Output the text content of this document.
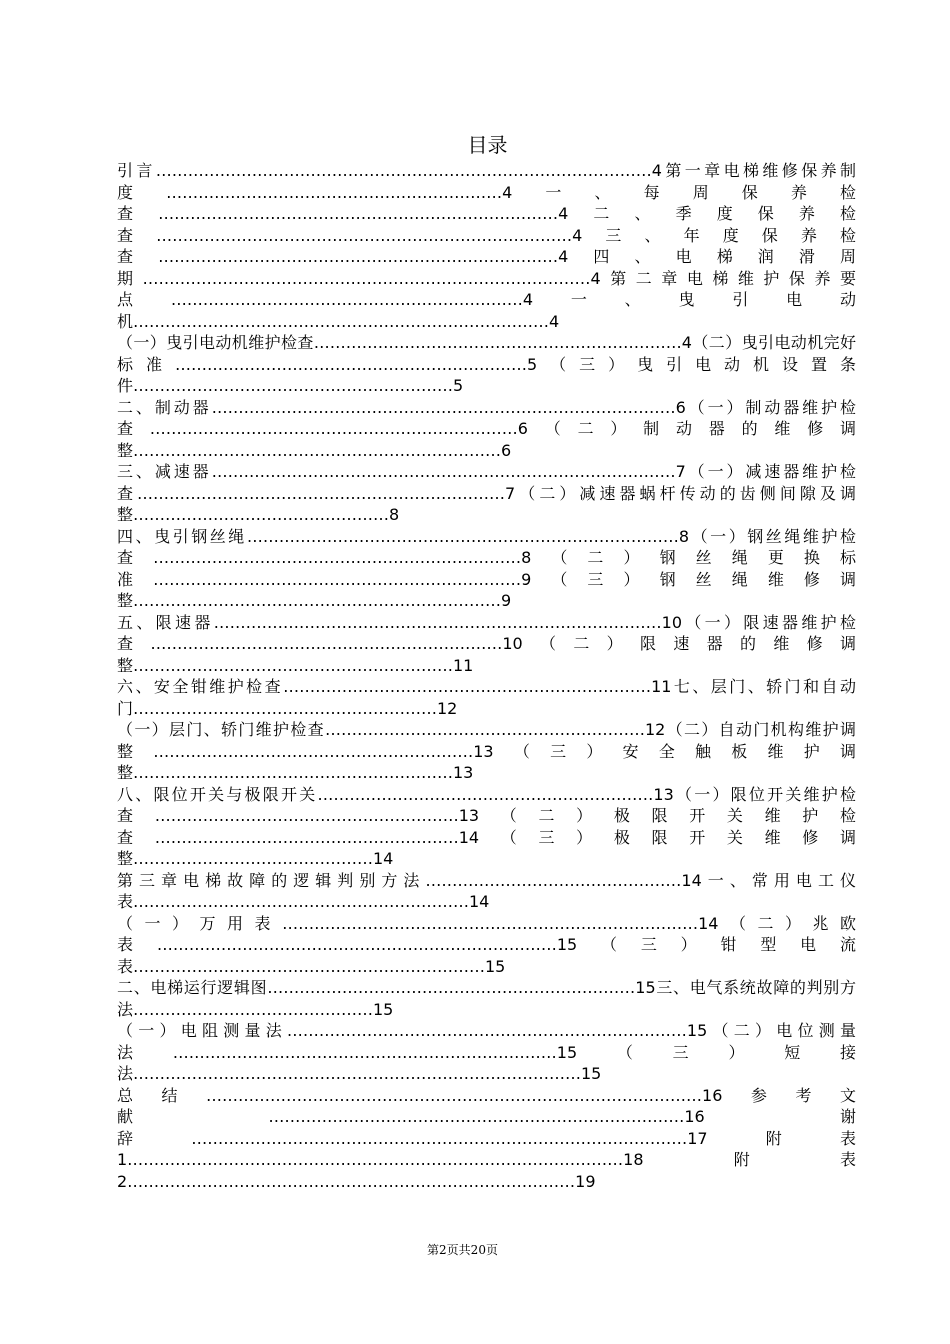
目录

引言…………………………………………………………………………………4第一章电梯维修保养制度………………………………………………………4一、每周保养检查…………………………………………………………………4二、季度保养检查……………………………………………………………………4三、年度保养检查…………………………………………………………………4四、电梯润滑周期…………………………………………………………………………4第二章电梯维护保养要点…………………………………………………………4一、曳引电动机……………………………………………………………………4

（一）曳引电动机维护检查……………………………………………………………4（二）曳引电动机完好标准…………………………………………………………5（三）曳引电动机设置条件……………………………………………………5

二、制动器……………………………………………………………………………6（一）制动器维护检查……………………………………………………………6（二）制动器的维修调整……………………………………………………………6

三、减速器……………………………………………………………………………7（一）减速器维护检查……………………………………………………………7（二）减速器蜗杆传动的齿侧间隙及调整…………………………………………8

四、曳引钢丝绳………………………………………………………………………8（一）钢丝绳维护检查……………………………………………………………8（二）钢丝绳更换标准……………………………………………………………9（三）钢丝绳维修调整……………………………………………………………9

五、限速器…………………………………………………………………………10（一）限速器维护检查…………………………………………………………10（二）限速器的维修调整……………………………………………………11

六、安全钳维护检查……………………………………………………………11七、层门、轿门和自动门…………………………………………………12

（一）层门、轿门维护检查……………………………………………………12（二）自动门机构维护调整……………………………………………………13（三）安全触板维护调整……………………………………………………13

八、限位开关与极限开关………………………………………………………13（一）限位开关维护检查…………………………………………………13（二）极限开关维护检查…………………………………………………14（三）极限开关维修调整………………………………………14

第三章电梯故障的逻辑判别方法…………………………………………14一、常用电工仪表………………………………………………………14

（一）万用表……………………………………………………………………14（二）兆欧表…………………………………………………………………15（三）钳型电流表…………………………………………………………15

二、电梯运行逻辑图……………………………………………………………15三、电气系统故障的判别方法………………………………………15

（一）电阻测量法…………………………………………………………………15（二）电位测量法………………………………………………………………15（三）短接法…………………………………………………………………………15

总结…………………………………………………………………………………16参考文献……………………………………………………………………16谢辞…………………………………………………………………………………17附表1…………………………………………………………………………………18附表2…………………………………………………………………………19

第2页共20页
